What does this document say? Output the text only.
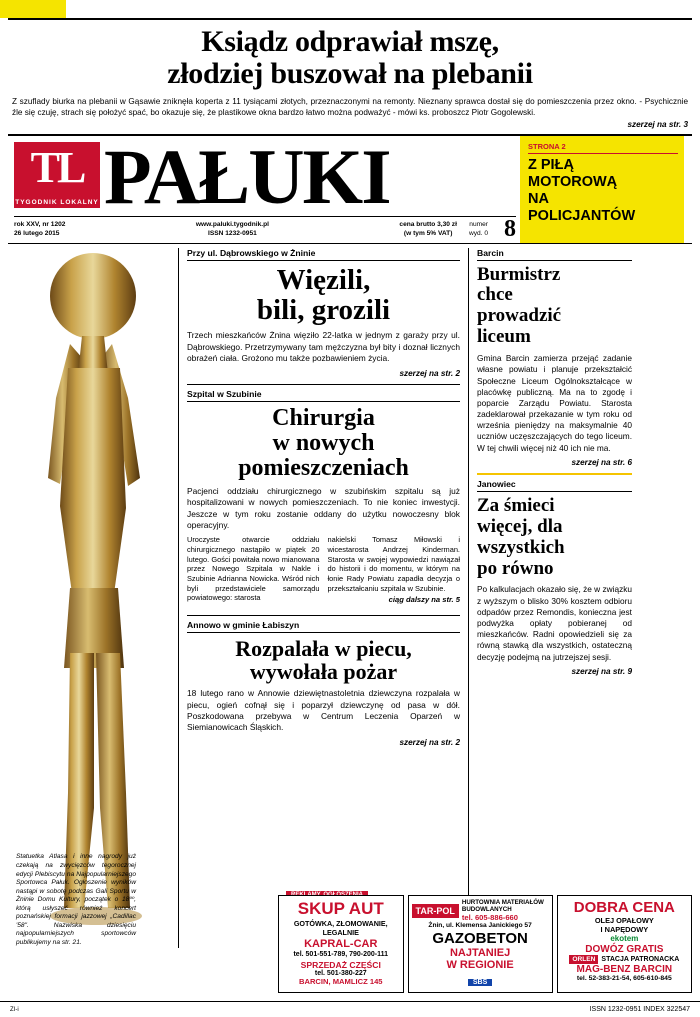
Ksiądz odprawiał mszę,
złodziej buszował na plebanii
Z szuflady biurka na plebanii w Gąsawie zniknęła koperta z 11 tysiącami złotych, przeznaczonymi na remonty. Nieznany sprawca dostał się do pomieszczenia przez okno. - Psychicznie źle się czuję, strach się położyć spać, bo okazuje się, że plastikowe okna bardzo łatwo można podważyć - mówi ks. proboszcz Piotr Gogolewski.
szerzej na str. 3
TL
TYGODNIK LOKALNY PAŁUKI
rok XXV, nr 1202
26 lutego 2015
www.paluki.tygodnik.pl
ISSN 1232-0951
cena brutto 3,30 zł
(w tym 5% VAT)
numer
wyd. 0 8
STRONA 2
Z PIŁĄ
MOTOROWĄ
NA
POLICJANTÓW
Statuetka Atlasa i inne nagrody już czekają na zwycięzców tegorocznej edycji Plebiscytu na Najpopularniejszego Sportowca Pałuk. Ogłoszenie wyników nastąpi w sobotę podczas Gali Sportu w Żninie Domu Kultury, początek o 18ºº, którą usłyszeć również koncert poznańskiej formacji jazzowej „Cadillac '58". Nazwiska dziesięciu najpopularniejszych sportowców publikujemy na str. 21.
Przy ul. Dąbrowskiego w Żninie
Więzili,
bili, grozili

Trzech mieszkańców Żnina więziło 22-latka w jednym z garaży przy ul. Dąbrowskiego. Przetrzymywany tam mężczyzna był bity i doznał licznych obrażeń ciała. Grożono mu także pozbawieniem życia.

szerzej na str. 2
Szpital w Szubinie
Chirurgia
w nowych
pomieszczeniach

Pacjenci oddziału chirurgicznego w szubińskim szpitalu są już hospitalizowani w nowych pomieszczeniach. To nie koniec inwestycji. Jeszcze w tym roku zostanie oddany do użytku nowoczesny blok operacyjny.

Uroczyste otwarcie oddziału chirurgicznego nastąpiło w piątek 20 lutego. Gości powitała nowo mianowana przez Nowego Szpitala w Nakle i Szubinie Adrianna Nowicka. Wśród nich byli przedstawiciele samorządu powiatowego: starosta

nakielski Tomasz Miłowski i wicestarosta Andrzej Kinderman. Starosta w swojej wypowiedzi nawiązał do historii i do momentu, w którym na łonie Rady Powiatu zapadła decyzja o przekształcaniu szpitala w Szubinie.

ciąg dalszy na str. 5
Annowo w gminie Łabiszyn
Rozpalała w piecu,
wywołała pożar

18 lutego rano w Annowie dziewiętnastoletnia dziewczyna rozpalała w piecu, ogień cofnął się i poparzył dziewczynę od pasa w dół. Poszkodowana przebywa w Centrum Leczenia Oparzeń w Siemianowicach Śląskich.

szerzej na str. 2
Barcin
Burmistrz
chce
prowadzić
liceum

Gmina Barcin zamierza przejąć zadanie własne powiatu i planuje przekształcić Społeczne Liceum Ogólnokształcące w placówkę publiczną. Ma na to zgodę i poparcie Zarządu Powiatu. Starosta zadeklarował przekazanie w tym roku od września pieniędzy na maksymalnie 40 uczniów uczęszczających do tego liceum. W tej chwili więcej niż 40 ich nie ma.

szerzej na str. 6
Janowiec
Za śmieci
więcej, dla
wszystkich
po równo

Po kalkulacjach okazało się, że w związku z wyższym o blisko 30% kosztem odbioru odpadów przez Remondis, konieczna jest podwyżka opłaty pobieranej od mieszkańców. Radni opowiedzieli się za równą stawką dla wszystkich, ostateczną decyzję podejmą na jutrzejszej sesji.

szerzej na str. 9
SKUP AUT
GOTÓWKA, ZŁOMOWANIE,
LEGALNIE
KAPRAL-CAR
tel. 501-551-789, 790-200-111
SPRZEDAŻ CZĘŚCI
tel. 501-380-227
BARCIN, MAMLICZ 145
TAR-POL
HURTOWNIA MATERIAŁÓW
BUDOWLANYCH
tel. 605-886-660
Żnin, ul. Klemensa Janickiego 57
GAZOBETON
NAJTANIEJ
W REGIONIE
SBS
DOBRA CENA
OLEJ OPAŁOWY
I NAPĘDOWY
ekotem
DOWÓZ GRATIS
ORLEN STACJA PATRONACKA
MAG-BENZ BARCIN
tel. 52-383-21-54, 605-610-845
ZI-i	ISSN 1232-0951 INDEX 322547
